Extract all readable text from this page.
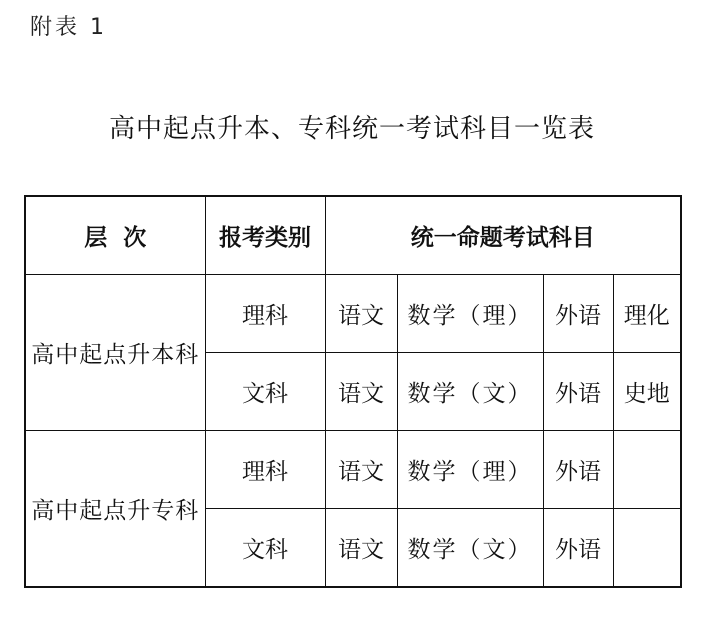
附表 1
高中起点升本、专科统一考试科目一览表
层  次	报考类别	统一命题考试科目			
高中起点升本科	理科	语文	数学（理）	外语	理化
	文科	语文	数学（文）	外语	史地
高中起点升专科	理科	语文	数学（理）	外语	
	文科	语文	数学（文）	外语	
